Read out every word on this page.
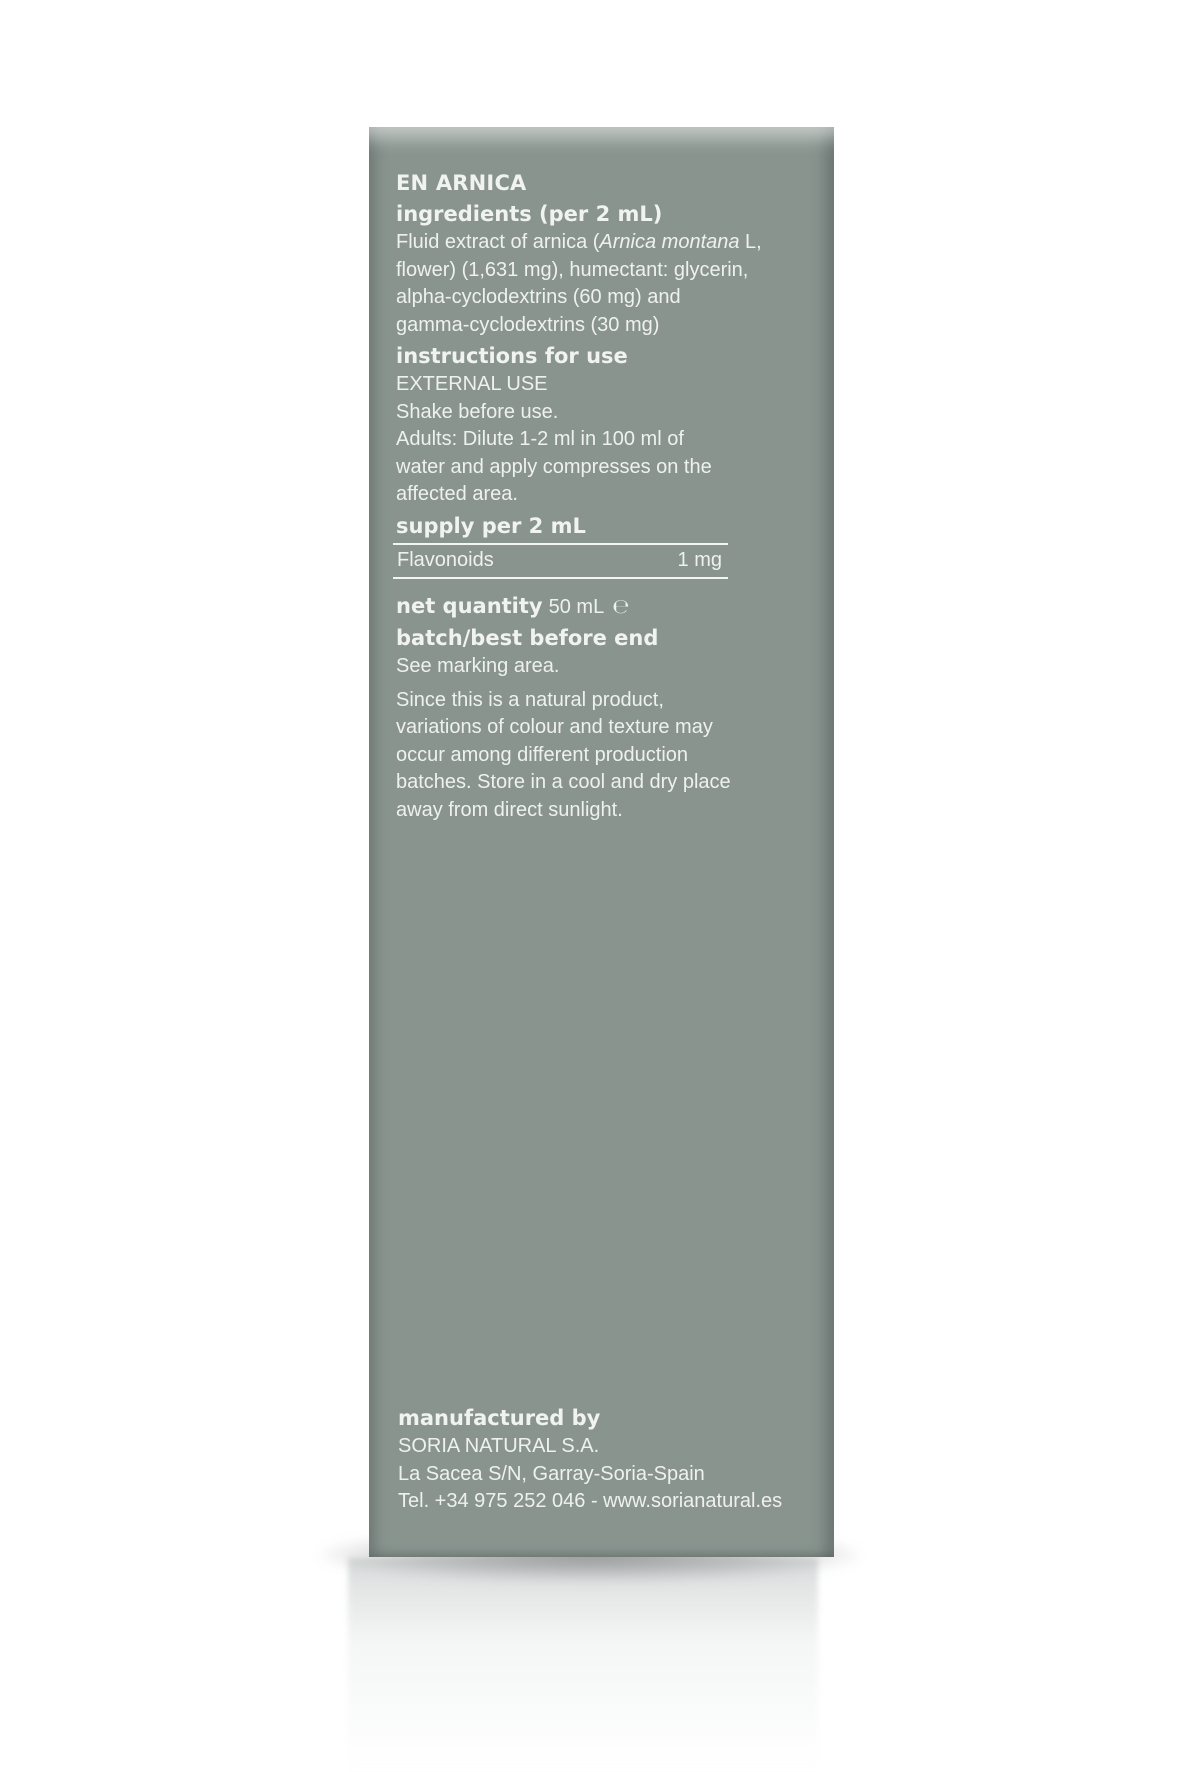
EN ARNICA

ingredients (per 2 mL)

Fluid extract of arnica (Arnica montana L,
flower) (1,631 mg), humectant: glycerin,
alpha-cyclodextrins (60 mg) and
gamma-cyclodextrins (30 mg)

instructions for use

EXTERNAL USE
Shake before use.
Adults: Dilute 1-2 ml in 100 ml of
water and apply compresses on the
affected area.

supply per 2 mL

Flavonoids	1 mg
net quantity 50 mL ℮

batch/best before end

See marking area.

Since this is a natural product,
variations of colour and texture may
occur among different production
batches. Store in a cool and dry place
away from direct sunlight.

manufactured by

SORIA NATURAL S.A.
La Sacea S/N, Garray-Soria-Spain
Tel. +34 975 252 046 - www.sorianatural.es
